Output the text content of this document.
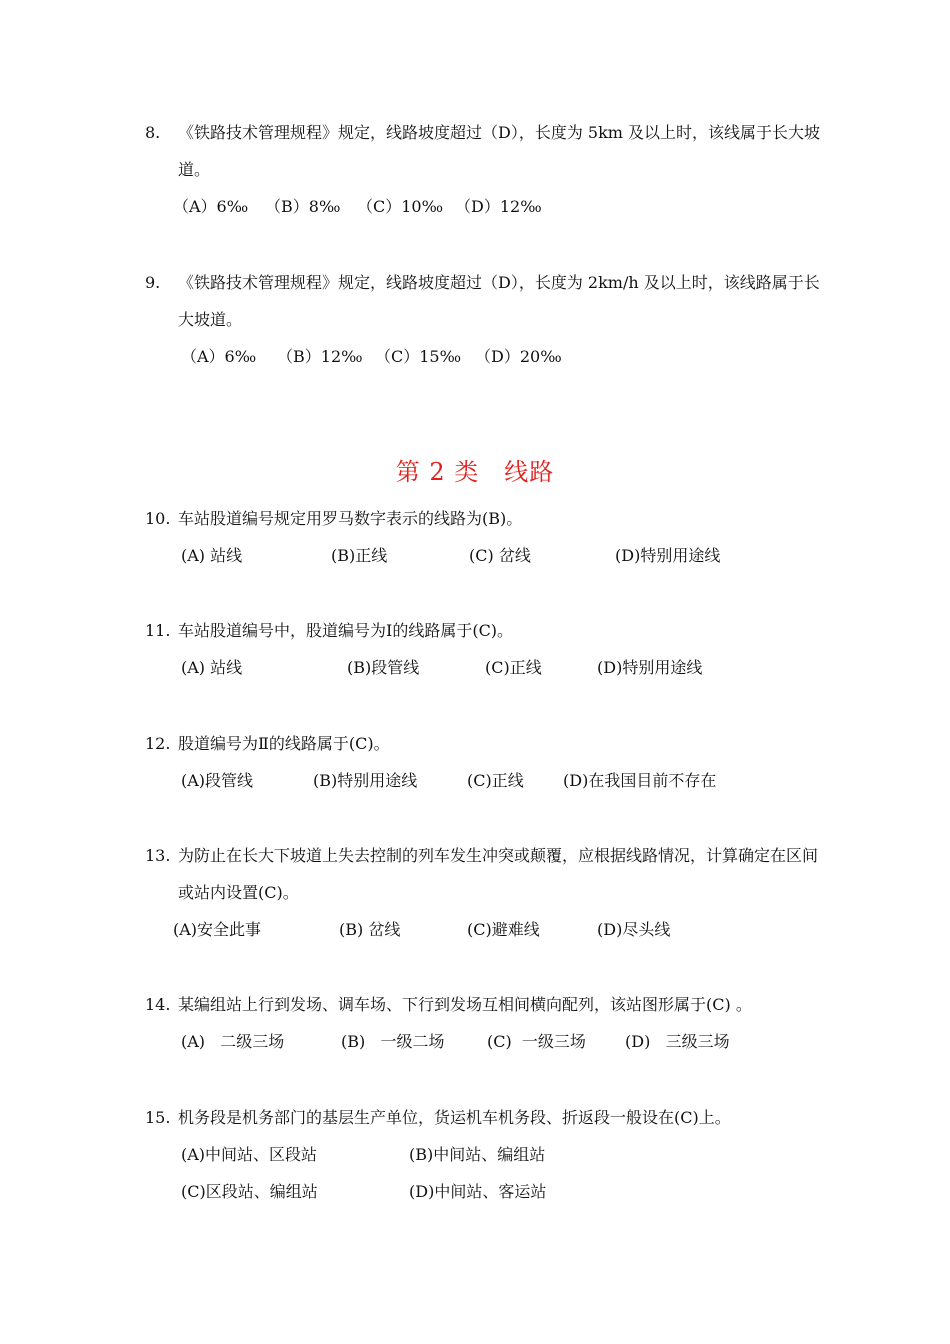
8.	《铁路技术管理规程》规定，线路坡度超过（D），长度为 5km 及以上时，该线属于长大坡道。
（A）6‰	（B）8‰	（C）10‰ （D）12‰
9.	《铁路技术管理规程》规定，线路坡度超过（D），长度为 2km/h 及以上时，该线路属于长大坡道。
（A）6‰	（B）12‰ （C）15‰ （D）20‰
第 2 类　线路
10. 车站股道编号规定用罗马数字表示的线路为(B)。
(A) 站线	(B)正线	(C) 岔线	(D)特别用途线
11. 车站股道编号中，股道编号为Ⅰ的线路属于(C)。
(A) 站线	(B)段管线	(C)正线	(D)特别用途线
12. 股道编号为Ⅱ的线路属于(C)。
(A)段管线	(B)特别用途线	(C)正线	(D)在我国目前不存在
13. 为防止在长大下坡道上失去控制的列车发生冲突或颠覆，应根据线路情况，计算确定在区间或站内设置(C)。
(A)安全此事	(B) 岔线	(C)避难线	(D)尽头线
14. 某编组站上行到发场、调车场、下行到发场互相间横向配列，该站图形属于(C) 。
(A)   二级三场	(B)   一级二场	(C)  一级三场	(D)   三级三场
15. 机务段是机务部门的基层生产单位，货运机车机务段、折返段一般设在(C)上。
(A)中间站、区段站	(B)中间站、编组站
(C)区段站、编组站	(D)中间站、客运站
